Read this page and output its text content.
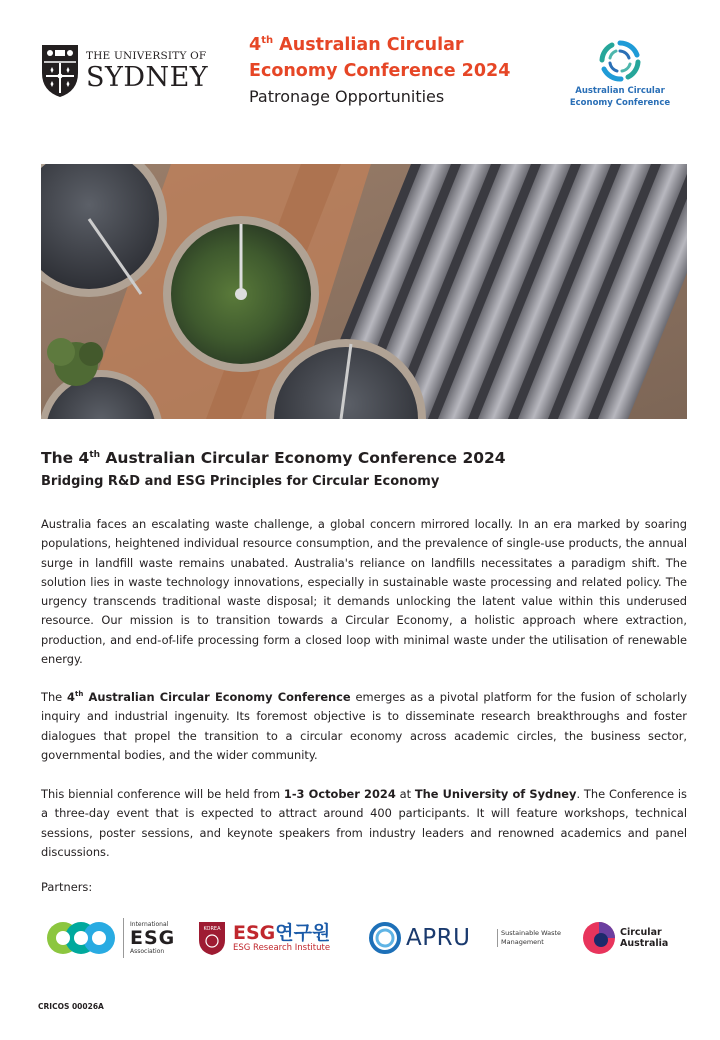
THE UNIVERSITY OF
SYDNEY
4th Australian Circular
Economy Conference 2024
Patronage Opportunities	Australian Circular
Economy Conference
The 4th Australian Circular Economy Conference 2024
Bridging R&D and ESG Principles for Circular Economy

Australia faces an escalating waste challenge, a global concern mirrored locally. In an era marked by soaring populations, heightened individual resource consumption, and the prevalence of single-use products, the annual surge in landfill waste remains unabated. Australia's reliance on landfills necessitates a paradigm shift. The solution lies in waste technology innovations, especially in sustainable waste processing and related policy. The urgency transcends traditional waste disposal; it demands unlocking the latent value within this underused resource. Our mission is to transition towards a Circular Economy, a holistic approach where extraction, production, and end-of-life processing form a closed loop with minimal waste under the utilisation of renewable energy.

The 4th Australian Circular Economy Conference emerges as a pivotal platform for the fusion of scholarly inquiry and industrial ingenuity. Its foremost objective is to disseminate research breakthroughs and foster dialogues that propel the transition to a circular economy across academic circles, the business sector, governmental bodies, and the wider community.

This biennial conference will be held from 1-3 October 2024 at The University of Sydney. The Conference is a three-day event that is expected to attract around 400 participants. It will feature workshops, technical sessions, poster sessions, and keynote speakers from industry leaders and renowned academics and panel discussions.

Partners:
International
ESG
Association
KOREA ESG연구원
ESG Research Institute	APRU	Sustainable Waste
Management
Circular
Australia
CRICOS 00026A
